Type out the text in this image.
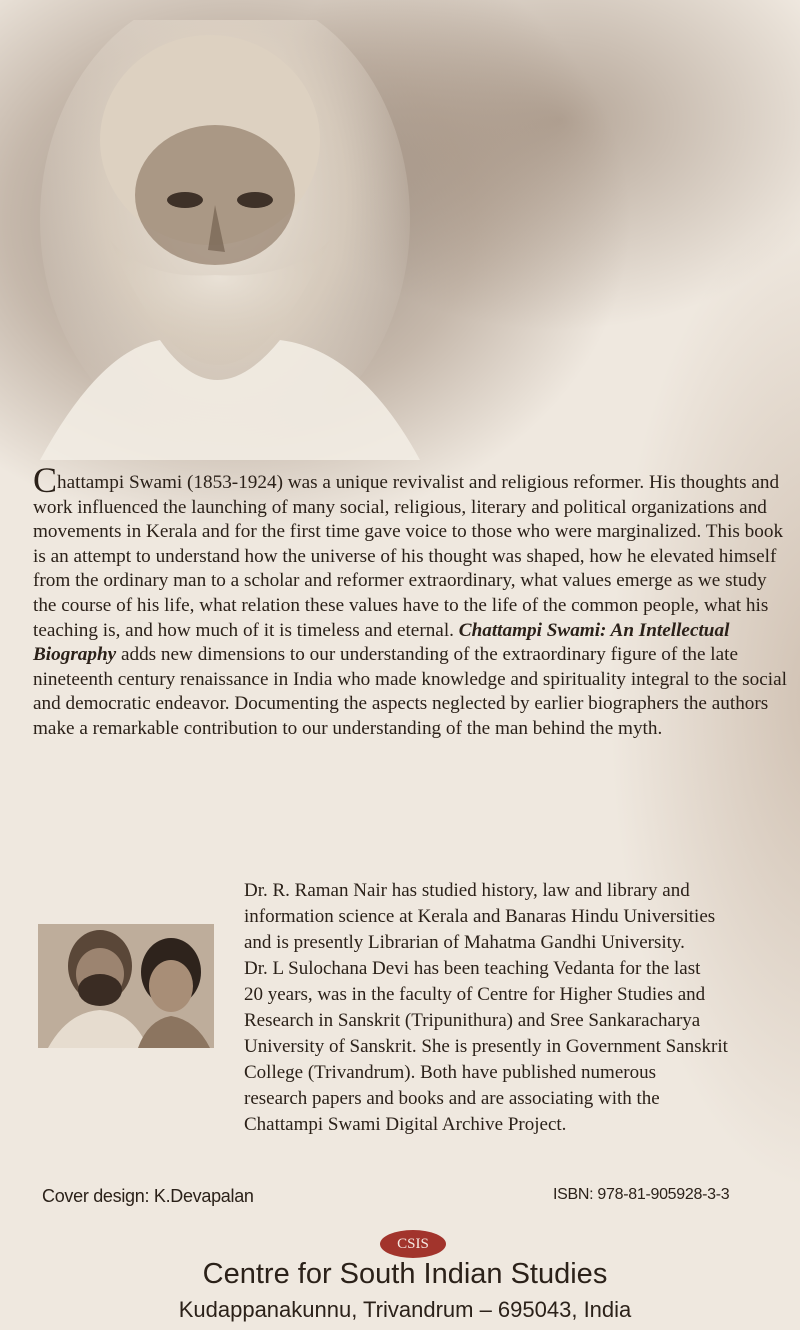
Chattampi Swami (1853-1924) was a unique revivalist and religious reformer. His thoughts and work influenced the launching of many social, religious, literary and political organizations and movements in Kerala and for the first time gave voice to those who were marginalized. This book is an attempt to understand how the universe of his thought was shaped, how he elevated himself from the ordinary man to a scholar and reformer extraordinary, what values emerge as we study the course of his life, what relation these values have to the life of the common people, what his teaching is, and how much of it is timeless and eternal. Chattampi Swami: An Intellectual Biography adds new dimensions to our understanding of the extraordinary figure of the late nineteenth century renaissance in India who made knowledge and spirituality integral to the social and democratic endeavor. Documenting the aspects neglected by earlier biographers the authors make a remarkable contribution to our understanding of the man behind the myth.
Dr. R. Raman Nair has studied history, law and library and
information science at Kerala and Banaras Hindu Universities
and is presently Librarian of Mahatma Gandhi University.
Dr. L Sulochana Devi has been teaching Vedanta for the last
20 years, was in the faculty of Centre for Higher Studies and
Research in Sanskrit (Tripunithura) and Sree Sankaracharya
University of Sanskrit. She is presently in Government Sanskrit
College (Trivandrum). Both have published numerous
research papers and books and are associating with the
Chattampi Swami Digital Archive Project.
Cover design: K.Devapalan	ISBN: 978-81-905928-3-3
CSIS
Centre for South Indian Studies
Kudappanakunnu, Trivandrum – 695043, India
